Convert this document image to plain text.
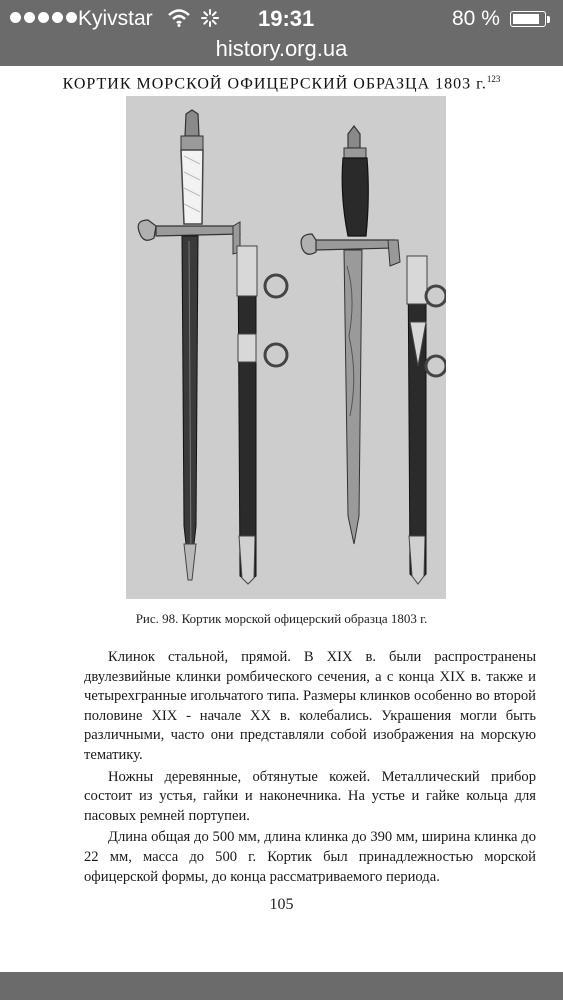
Kyivstar	19:31	80 %
history.org.ua
КОРТИК МОРСКОЙ ОФИЦЕРСКИЙ ОБРАЗЦА 1803 г.$^{123}$
Рис. 98. Кортик морской офицерский образца 1803 г.

Клинок стальной, прямой. В XIX в. были распространены двулезвийные клинки ромбического сечения, а с конца XIX в. также и четырехгранные игольчатого типа. Размеры клинков особенно во второй половине XIX - начале XX в. колебались. Украшения могли быть различными, часто они представляли собой изображения на морскую тематику.

Ножны деревянные, обтянутые кожей. Металлический прибор состоит из устья, гайки и наконечника. На устье и гайке кольца для пасовых ремней портупеи.

Длина общая до 500 мм, длина клинка до 390 мм, ширина клинка до 22 мм, масса до 500 г. Кортик был принадлежностью морской офицерской формы, до конца рассматриваемого периода.

105
